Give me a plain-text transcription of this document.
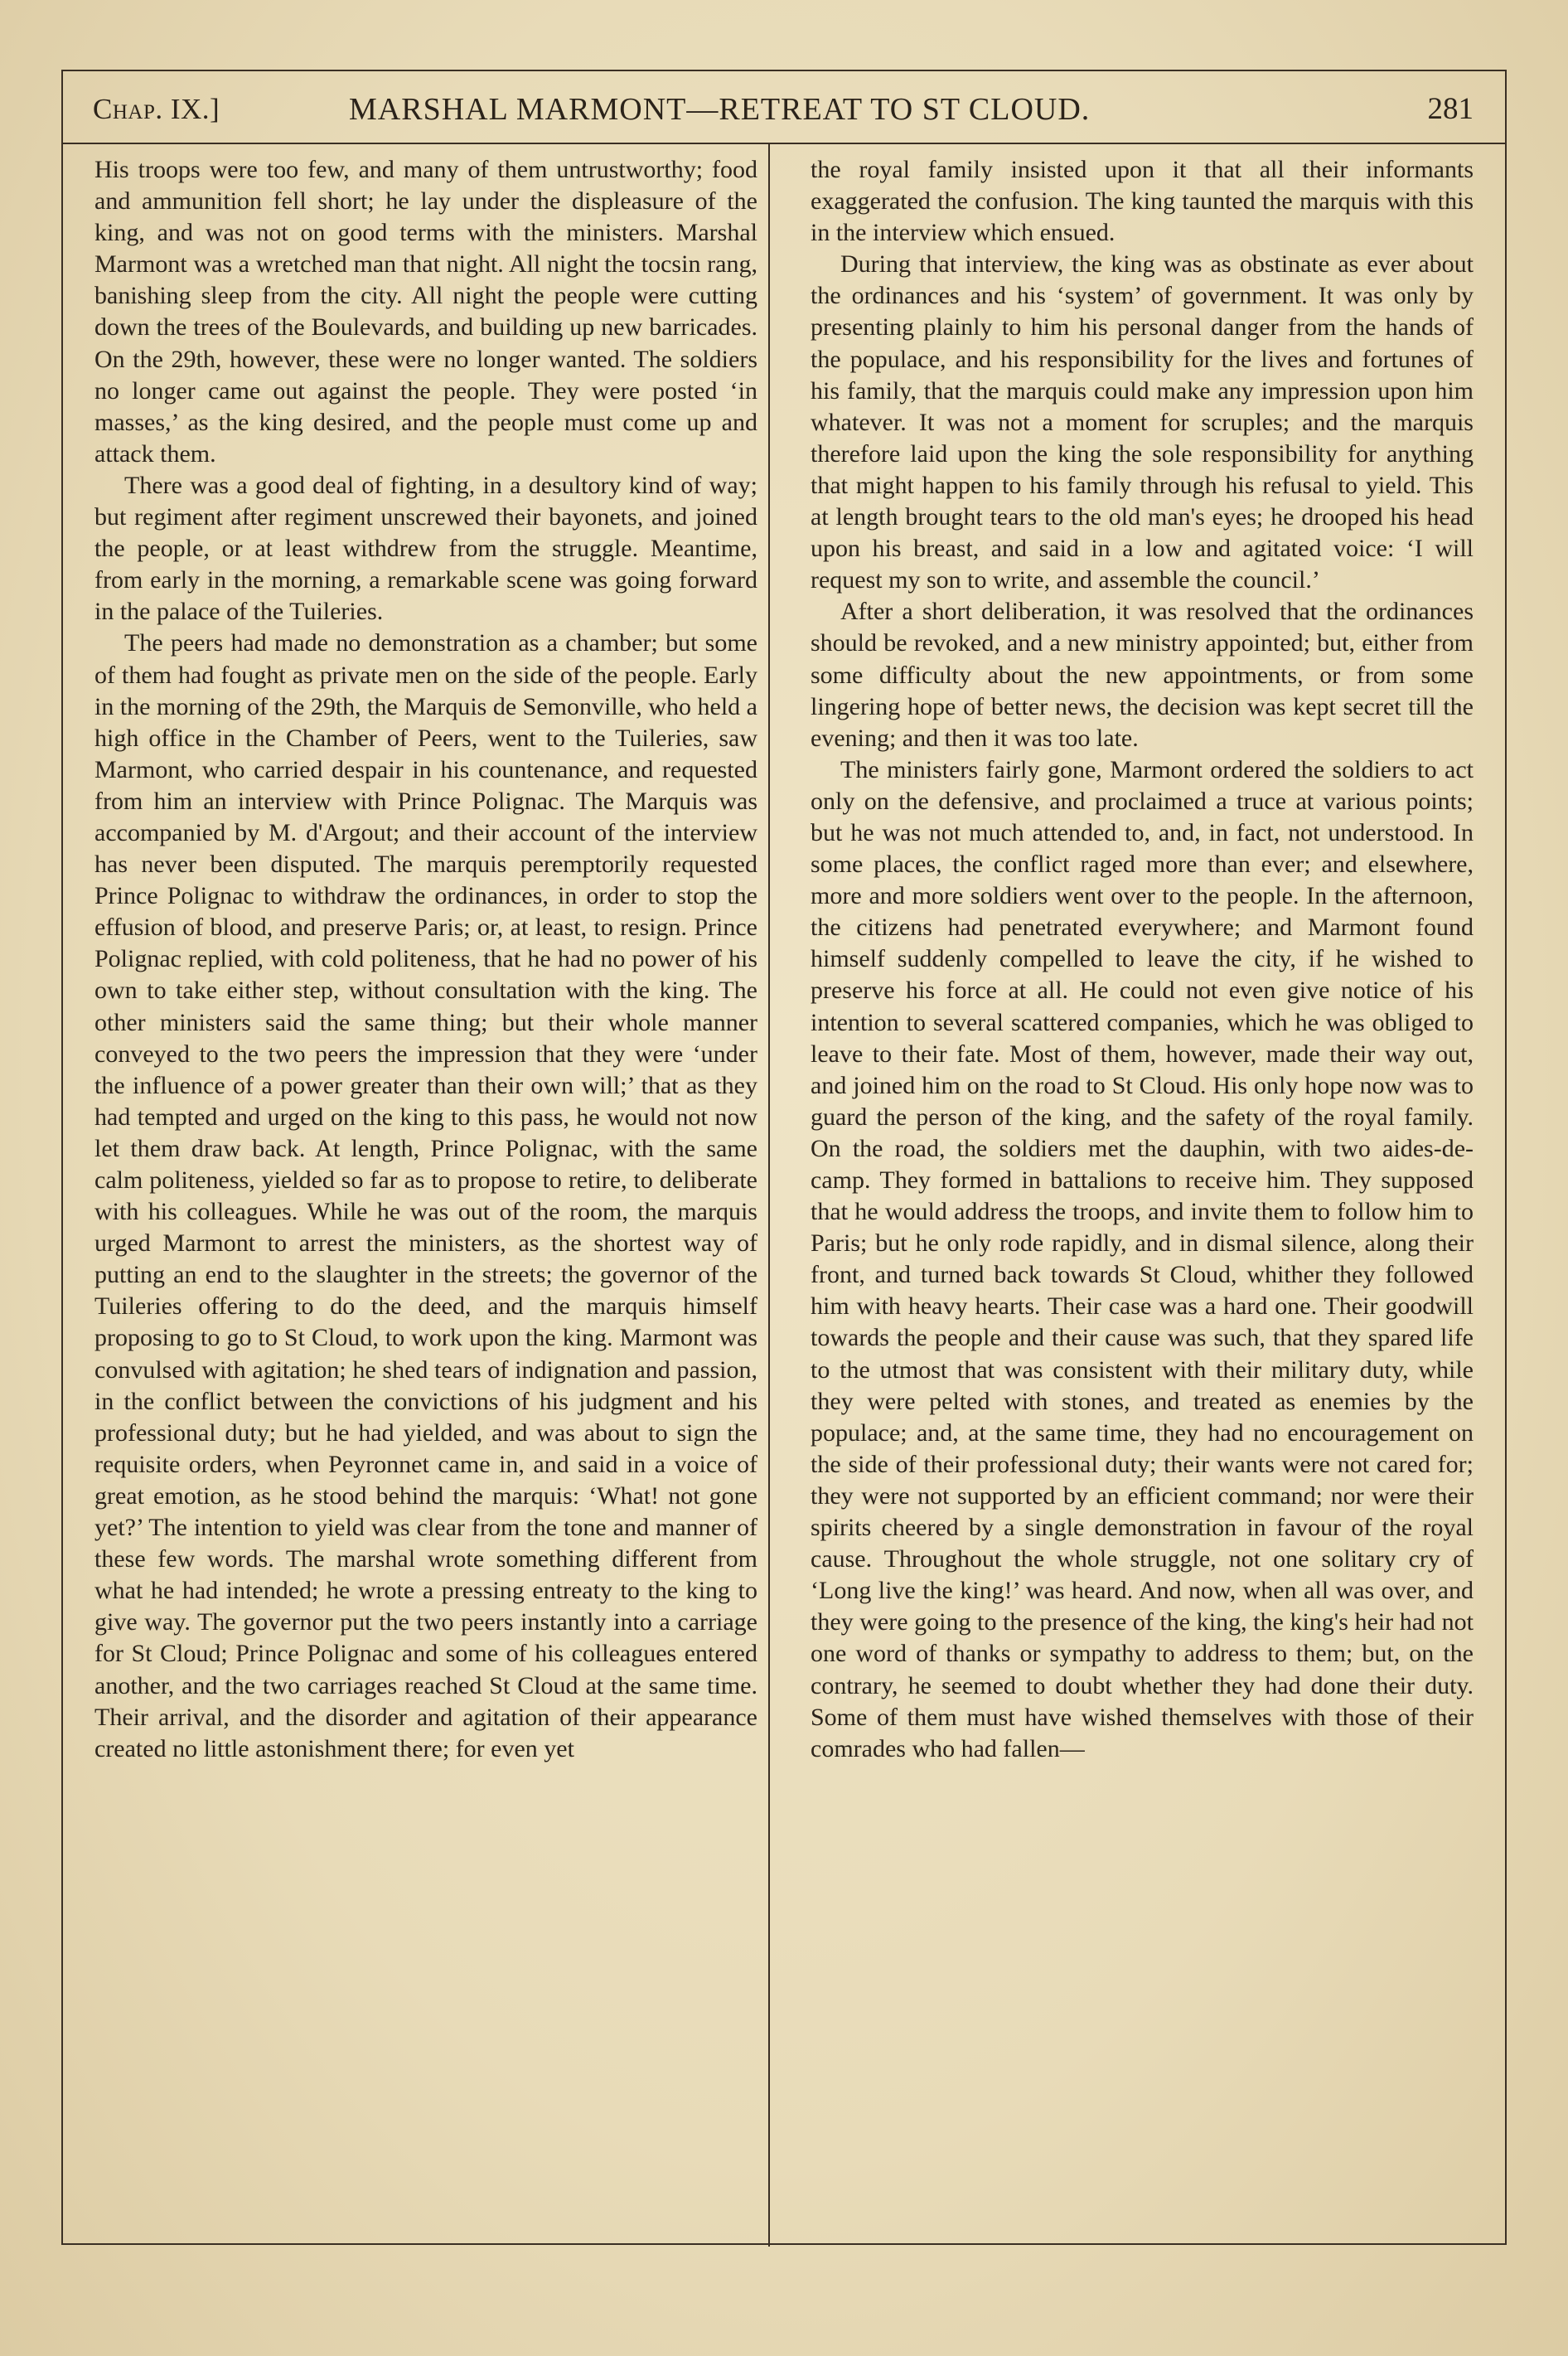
Chap. IX.]	MARSHAL MARMONT—RETREAT TO ST CLOUD.	281

His troops were too few, and many of them untrustworthy; food and ammunition fell short; he lay under the displeasure of the king, and was not on good terms with the ministers. Marshal Marmont was a wretched man that night. All night the tocsin rang, banishing sleep from the city. All night the people were cutting down the trees of the Boulevards, and building up new barricades. On the 29th, however, these were no longer wanted. The soldiers no longer came out against the people. They were posted ‘in masses,’ as the king desired, and the people must come up and attack them.

There was a good deal of fighting, in a desultory kind of way; but regiment after regiment unscrewed their bayonets, and joined the people, or at least withdrew from the struggle. Meantime, from early in the morning, a remarkable scene was going forward in the palace of the Tuileries.

The peers had made no demonstration as a chamber; but some of them had fought as private men on the side of the people. Early in the morning of the 29th, the Marquis de Semonville, who held a high office in the Chamber of Peers, went to the Tuileries, saw Marmont, who carried despair in his countenance, and requested from him an interview with Prince Polignac. The Marquis was accompanied by M. d'Argout; and their account of the interview has never been disputed. The marquis peremptorily requested Prince Polignac to withdraw the ordinances, in order to stop the effusion of blood, and preserve Paris; or, at least, to resign. Prince Polignac replied, with cold politeness, that he had no power of his own to take either step, without consultation with the king. The other ministers said the same thing; but their whole manner conveyed to the two peers the impression that they were ‘under the influence of a power greater than their own will;’ that as they had tempted and urged on the king to this pass, he would not now let them draw back. At length, Prince Polignac, with the same calm politeness, yielded so far as to propose to retire, to deliberate with his colleagues. While he was out of the room, the marquis urged Marmont to arrest the ministers, as the shortest way of putting an end to the slaughter in the streets; the governor of the Tuileries offering to do the deed, and the marquis himself proposing to go to St Cloud, to work upon the king. Marmont was convulsed with agitation; he shed tears of indignation and passion, in the conflict between the convictions of his judgment and his professional duty; but he had yielded, and was about to sign the requisite orders, when Peyronnet came in, and said in a voice of great emotion, as he stood behind the marquis: ‘What! not gone yet?’ The intention to yield was clear from the tone and manner of these few words. The marshal wrote something different from what he had intended; he wrote a pressing entreaty to the king to give way. The governor put the two peers instantly into a carriage for St Cloud; Prince Polignac and some of his colleagues entered another, and the two carriages reached St Cloud at the same time. Their arrival, and the disorder and agitation of their appearance created no little astonishment there; for even yet

the royal family insisted upon it that all their informants exaggerated the confusion. The king taunted the marquis with this in the interview which ensued.

During that interview, the king was as obstinate as ever about the ordinances and his ‘system’ of government. It was only by presenting plainly to him his personal danger from the hands of the populace, and his responsibility for the lives and fortunes of his family, that the marquis could make any impression upon him whatever. It was not a moment for scruples; and the marquis therefore laid upon the king the sole responsibility for anything that might happen to his family through his refusal to yield. This at length brought tears to the old man's eyes; he drooped his head upon his breast, and said in a low and agitated voice: ‘I will request my son to write, and assemble the council.’

After a short deliberation, it was resolved that the ordinances should be revoked, and a new ministry appointed; but, either from some difficulty about the new appointments, or from some lingering hope of better news, the decision was kept secret till the evening; and then it was too late.

The ministers fairly gone, Marmont ordered the soldiers to act only on the defensive, and proclaimed a truce at various points; but he was not much attended to, and, in fact, not understood. In some places, the conflict raged more than ever; and elsewhere, more and more soldiers went over to the people. In the afternoon, the citizens had penetrated everywhere; and Marmont found himself suddenly compelled to leave the city, if he wished to preserve his force at all. He could not even give notice of his intention to several scattered companies, which he was obliged to leave to their fate. Most of them, however, made their way out, and joined him on the road to St Cloud. His only hope now was to guard the person of the king, and the safety of the royal family. On the road, the soldiers met the dauphin, with two aides-de-camp. They formed in battalions to receive him. They supposed that he would address the troops, and invite them to follow him to Paris; but he only rode rapidly, and in dismal silence, along their front, and turned back towards St Cloud, whither they followed him with heavy hearts. Their case was a hard one. Their goodwill towards the people and their cause was such, that they spared life to the utmost that was consistent with their military duty, while they were pelted with stones, and treated as enemies by the populace; and, at the same time, they had no encouragement on the side of their professional duty; their wants were not cared for; they were not supported by an efficient command; nor were their spirits cheered by a single demonstration in favour of the royal cause. Throughout the whole struggle, not one solitary cry of ‘Long live the king!’ was heard. And now, when all was over, and they were going to the presence of the king, the king's heir had not one word of thanks or sympathy to address to them; but, on the contrary, he seemed to doubt whether they had done their duty. Some of them must have wished themselves with those of their comrades who had fallen—
